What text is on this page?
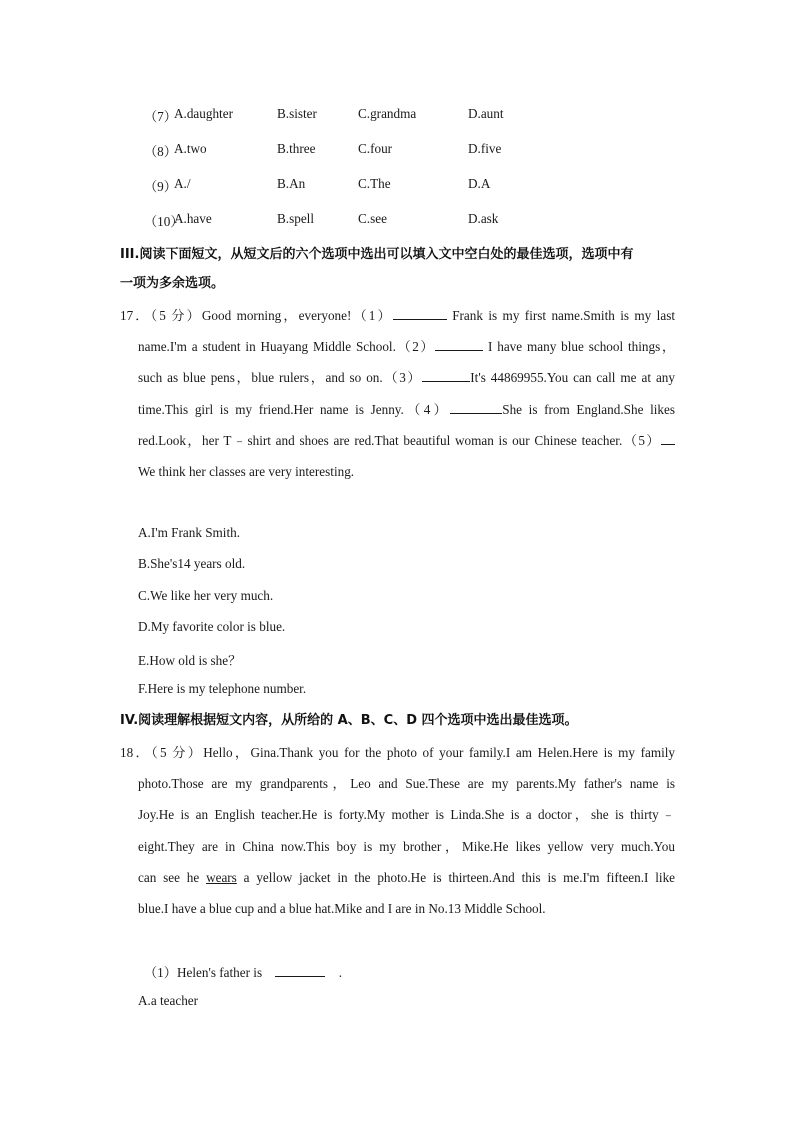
（7）
A.daughter	B.sister	C.grandma	D.aunt
（8）
A.two	B.three	C.four	D.five
（9）
A./	B.An	C.The	D.A
（10）
A.have	B.spell	C.see	D.ask
III.阅读下面短文，从短文后的六个选项中选出可以填入文中空白处的最佳选项，选项中有
一项为多余选项。
17．（5 分）Good morning，everyone!（1）	Frank is my first name.Smith is my last
name.I'm a student in Huayang Middle School.（2）	I have many blue school things，
such as blue pens，blue rulers，and so on.（3）	It's 44869955.You can call me at any
time.This girl is my friend.Her name is Jenny.（4）	She is from England.She likes
red.Look，her T﹣shirt and shoes are red.That beautiful woman is our Chinese teacher.（5）
We think her classes are very interesting.
A.I'm Frank Smith.
B.She's14 years old.
C.We like her very much.
D.My favorite color is blue.
E.How old is she？
F.Here is my telephone number.
IV.阅读理解根据短文内容，从所给的 A、B、C、D 四个选项中选出最佳选项。
18．（5 分）Hello，Gina.Thank you for the photo of your family.I am Helen.Here is my family
photo.Those are my grandparents，Leo and Sue.These are my parents.My father's name is
Joy.He is an English teacher.He is forty.My mother is Linda.She is a doctor，she is thirty﹣
eight.They are in China now.This boy is my brother，Mike.He likes yellow very much.You
can see he wears a yellow jacket in the photo.He is thirteen.And this is me.I'm fifteen.I like
blue.I have a blue cup and a blue hat.Mike and I are in No.13 Middle School.
（1）Helen's father is	.
A.a teacher
